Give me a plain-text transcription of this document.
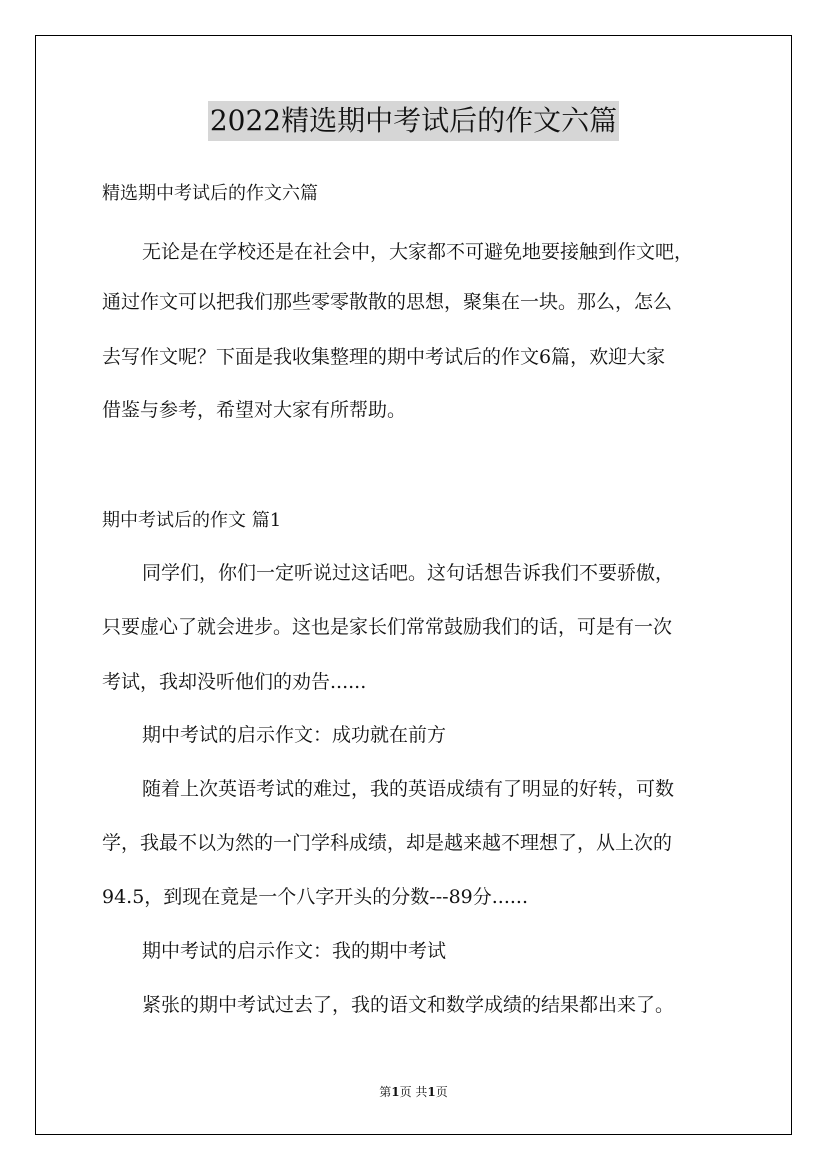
2022精选期中考试后的作文六篇
精选期中考试后的作文六篇
无论是在学校还是在社会中，大家都不可避免地要接触到作文吧，
通过作文可以把我们那些零零散散的思想，聚集在一块。那么，怎么
去写作文呢？下面是我收集整理的期中考试后的作文6篇，欢迎大家
借鉴与参考，希望对大家有所帮助。
期中考试后的作文 篇1
同学们，你们一定听说过这话吧。这句话想告诉我们不要骄傲，
只要虚心了就会进步。这也是家长们常常鼓励我们的话，可是有一次
考试，我却没听他们的劝告......
期中考试的启示作文：成功就在前方
随着上次英语考试的难过，我的英语成绩有了明显的好转，可数
学，我最不以为然的一门学科成绩，却是越来越不理想了，从上次的
94.5，到现在竟是一个八字开头的分数---89分......
期中考试的启示作文：我的期中考试
紧张的期中考试过去了，我的语文和数学成绩的结果都出来了。
第1页 共1页
